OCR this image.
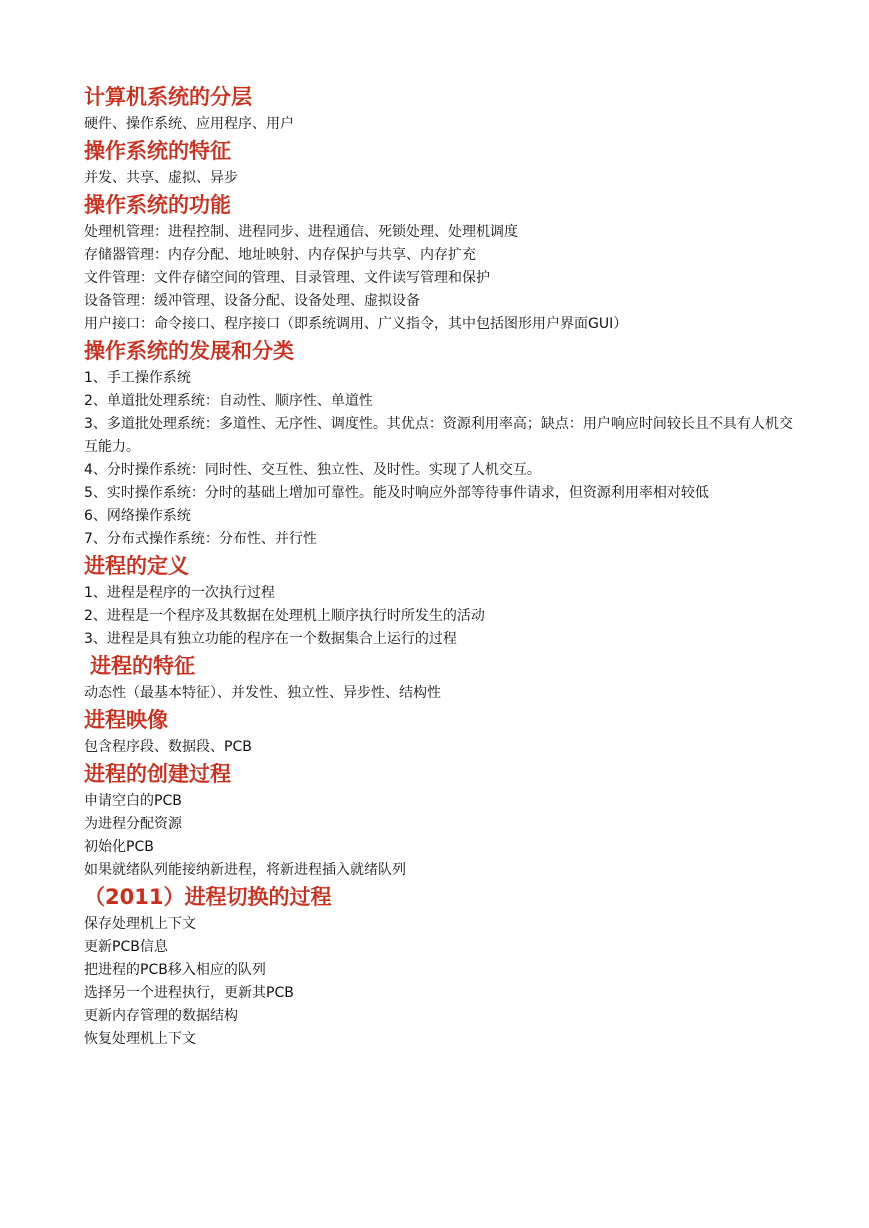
计算机系统的分层

硬件、操作系统、应用程序、用户

操作系统的特征

并发、共享、虚拟、异步

操作系统的功能

处理机管理：进程控制、进程同步、进程通信、死锁处理、处理机调度

存储器管理：内存分配、地址映射、内存保护与共享、内存扩充

文件管理：文件存储空间的管理、目录管理、文件读写管理和保护

设备管理：缓冲管理、设备分配、设备处理、虚拟设备

用户接口：命令接口、程序接口（即系统调用、广义指令，其中包括图形用户界面GUI）

操作系统的发展和分类

1、手工操作系统

2、单道批处理系统：自动性、顺序性、单道性

3、多道批处理系统：多道性、无序性、调度性。其优点：资源利用率高；缺点：用户响应时间较长且不具有人机交互能力。

4、分时操作系统：同时性、交互性、独立性、及时性。实现了人机交互。

5、实时操作系统：分时的基础上增加可靠性。能及时响应外部等待事件请求，但资源利用率相对较低

6、网络操作系统

7、分布式操作系统：分布性、并行性

进程的定义

1、进程是程序的一次执行过程

2、进程是一个程序及其数据在处理机上顺序执行时所发生的活动

3、进程是具有独立功能的程序在一个数据集合上运行的过程

进程的特征

动态性（最基本特征）、并发性、独立性、异步性、结构性

进程映像

包含程序段、数据段、PCB

进程的创建过程

申请空白的PCB

为进程分配资源

初始化PCB

如果就绪队列能接纳新进程，将新进程插入就绪队列

（2011）进程切换的过程

保存处理机上下文

更新PCB信息

把进程的PCB移入相应的队列

选择另一个进程执行，更新其PCB

更新内存管理的数据结构

恢复处理机上下文
